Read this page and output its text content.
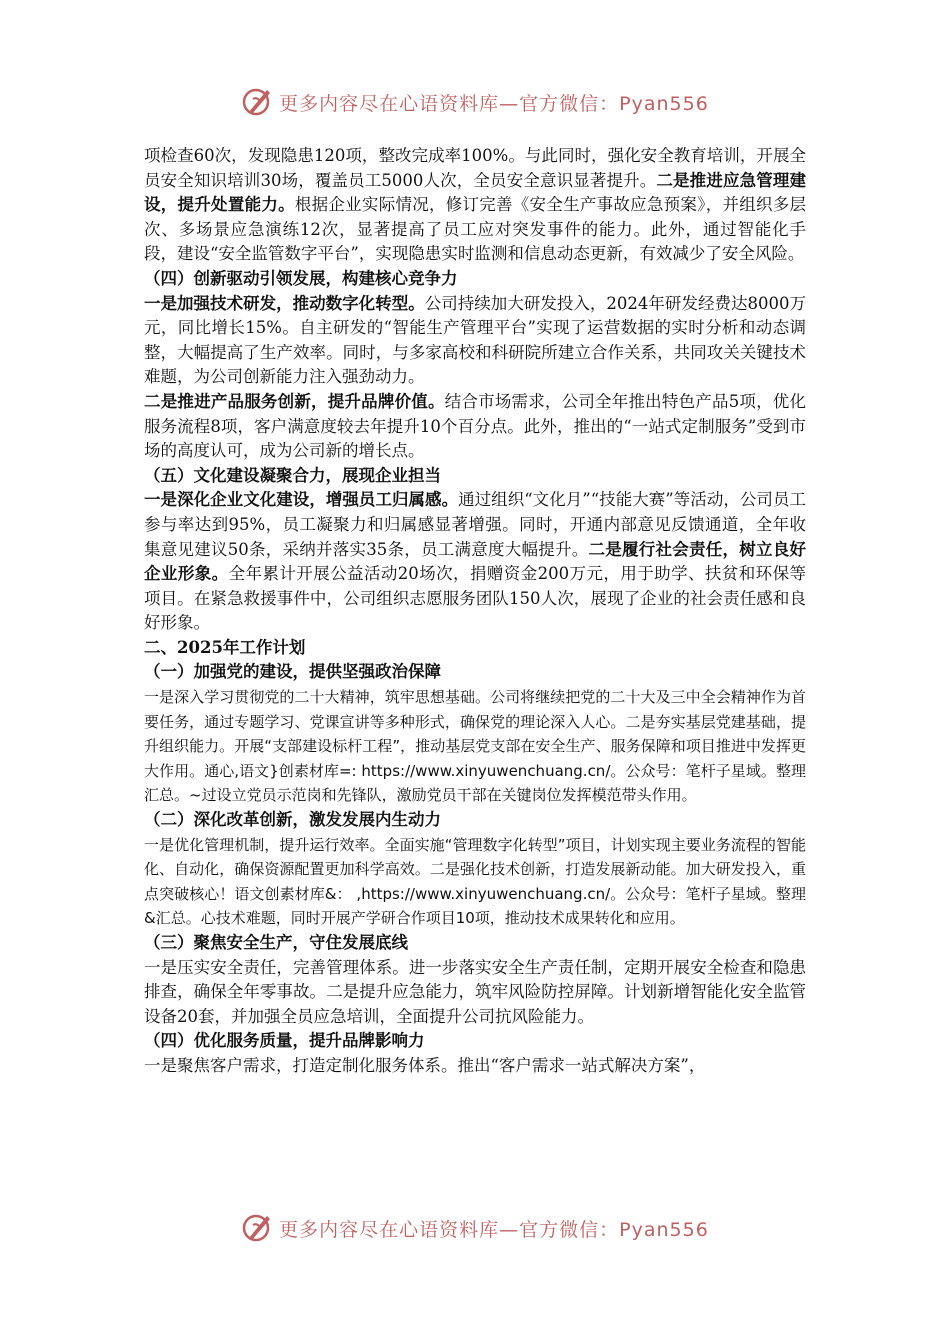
更多内容尽在心语资料库—官方微信：Pyan556

项检查60次，发现隐患120项，整改完成率100%。与此同时，强化安全教育培训，开展全员安全知识培训30场，覆盖员工5000人次，全员安全意识显著提升。二是推进应急管理建设，提升处置能力。根据企业实际情况，修订完善《安全生产事故应急预案》，并组织多层次、多场景应急演练12次，显著提高了员工应对突发事件的能力。此外，通过智能化手段，建设“安全监管数字平台”，实现隐患实时监测和信息动态更新，有效减少了安全风险。

（四）创新驱动引领发展，构建核心竞争力

一是加强技术研发，推动数字化转型。公司持续加大研发投入，2024年研发经费达8000万元，同比增长15%。自主研发的“智能生产管理平台”实现了运营数据的实时分析和动态调整，大幅提高了生产效率。同时，与多家高校和科研院所建立合作关系，共同攻关关键技术难题，为公司创新能力注入强劲动力。

二是推进产品服务创新，提升品牌价值。结合市场需求，公司全年推出特色产品5项，优化服务流程8项，客户满意度较去年提升10个百分点。此外，推出的“一站式定制服务”受到市场的高度认可，成为公司新的增长点。

（五）文化建设凝聚合力，展现企业担当

一是深化企业文化建设，增强员工归属感。通过组织“文化月”“技能大赛”等活动，公司员工参与率达到95%，员工凝聚力和归属感显著增强。同时，开通内部意见反馈通道，全年收集意见建议50条，采纳并落实35条，员工满意度大幅提升。二是履行社会责任，树立良好企业形象。全年累计开展公益活动20场次，捐赠资金200万元，用于助学、扶贫和环保等项目。在紧急救援事件中，公司组织志愿服务团队150人次，展现了企业的社会责任感和良好形象。

二、2025年工作计划

（一）加强党的建设，提供坚强政治保障

一是深入学习贯彻党的二十大精神，筑牢思想基础。公司将继续把党的二十大及三中全会精神作为首要任务，通过专题学习、党课宣讲等多种形式，确保党的理论深入人心。二是夯实基层党建基础，提升组织能力。开展“支部建设标杆工程”，推动基层党支部在安全生产、服务保障和项目推进中发挥更大作用。通心,语文}创素材库=: https://www.xinyuwenchuang.cn/。公众号：笔杆子星域。整理汇总。~过设立党员示范岗和先锋队，激励党员干部在关键岗位发挥模范带头作用。

（二）深化改革创新，激发发展内生动力

一是优化管理机制，提升运行效率。全面实施“管理数字化转型”项目，计划实现主要业务流程的智能化、自动化，确保资源配置更加科学高效。二是强化技术创新，打造发展新动能。加大研发投入，重点突破核心！语文创素材库&： ,https://www.xinyuwenchuang.cn/。公众号：笔杆子星域。整理&汇总。心技术难题，同时开展产学研合作项目10项，推动技术成果转化和应用。

（三）聚焦安全生产，守住发展底线

一是压实安全责任，完善管理体系。进一步落实安全生产责任制，定期开展安全检查和隐患排查，确保全年零事故。二是提升应急能力，筑牢风险防控屏障。计划新增智能化安全监管设备20套，并加强全员应急培训，全面提升公司抗风险能力。

（四）优化服务质量，提升品牌影响力

一是聚焦客户需求，打造定制化服务体系。推出“客户需求一站式解决方案”，

更多内容尽在心语资料库—官方微信：Pyan556
